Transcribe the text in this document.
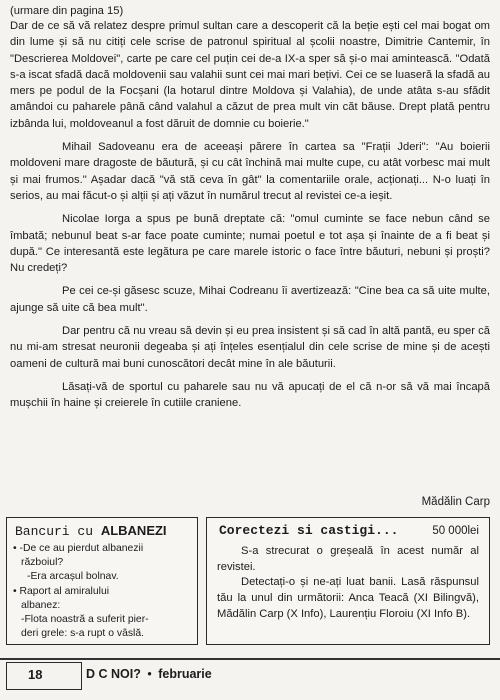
(urmare din pagina 15)

Dar de ce să vă relatez despre primul sultan care a descoperit că la beție ești cel mai bogat om din lume și să nu citiți cele scrise de patronul spiritual al școlii noastre, Dimitrie Cantemir, în "Descrierea Moldovei", carte pe care cel puțin cei de-a IX-a sper să și-o mai amintească. "Odată s-a iscat sfadă dacă moldovenii sau valahii sunt cei mai mari bețivi. Cei ce se luaseră la sfadă au mers pe podul de la Focșani (la hotarul dintre Moldova și Valahia), de unde atâta s-au sfădit amândoi cu paharele până când valahul a căzut de prea mult vin căt băuse. Drept plată pentru izbânda lui, moldoveanul a fost dăruit de domnie cu boierie."

Mihail Sadoveanu era de aceeași părere în cartea sa "Frații Jderi": "Au boierii moldoveni mare dragoste de băutură, și cu cât închină mai multe cupe, cu atât vorbesc mai mult și mai frumos." Așadar dacă "vă stă ceva în gât" la comentariile orale, acționați... N-o luați în serios, au mai făcut-o și alții și ați văzut în numărul trecut al revistei ce-a ieșit.

Nicolae Iorga a spus pe bună dreptate că: "omul cuminte se face nebun când se îmbată; nebunul beat s-ar face poate cuminte; numai poetul e tot așa și înainte de a fi beat și după." Ce interesantă este legătura pe care marele istoric o face între băuturi, nebuni și proști? Nu credeți?

Pe cei ce-și găsesc scuze, Mihai Codreanu îi avertizează: "Cine bea ca să uite multe, ajunge să uite că bea mult".

Dar pentru că nu vreau să devin și eu prea insistent și să cad în altă pantă, eu sper că nu mi-am stresat neuronii degeaba și ați înțeles esențialul din cele scrise de mine și de acești oameni de cultură mai buni cunoscători decât mine în ale băuturii.

Lăsați-vă de sportul cu paharele sau nu vă apucați de el că n-or să vă mai încapă mușchii în haine și creierele în cutiile craniene.

Mădălin Carp
Bancuri cu ALBANEZI
• -De ce au pierdut albanezii
războiul?
-Era arcașul bolnav.
• Raport al amiralului
albanez:
-Flota noastră a suferit pier-
deri grele: s-a rupt o vâslă.
Corectezi si castigi...	50 000lei

S-a strecurat o greșeală în acest număr al revistei.

Detectați-o și ne-ați luat banii. Lasă răspunsul tău la unul din următorii: Anca Teacă (XI Bilingvă), Mădălin Carp (X Info), Laurențiu Floroiu (XI Info B).

18	D C NOI? • februarie
